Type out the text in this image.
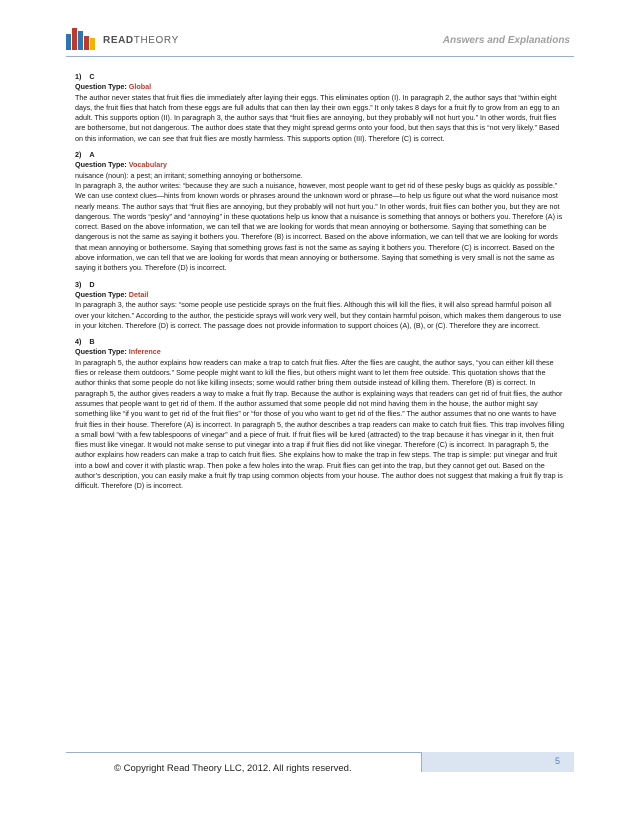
READTHEORY	Answers and Explanations
1) C
Question Type: Global

The author never states that fruit flies die immediately after laying their eggs. This eliminates option (I). In paragraph 2, the author says that “within eight days, the fruit flies that hatch from these eggs are full adults that can then lay their own eggs.” It only takes 8 days for a fruit fly to grow from an egg to an adult. This supports option (II). In paragraph 3, the author says that “fruit flies are annoying, but they probably will not hurt you.” In other words, fruit flies are bothersome, but not dangerous. The author does state that they might spread germs onto your food, but then says that this is “not very likely.” Based on this information, we can see that fruit flies are mostly harmless. This supports option (III). Therefore (C) is correct.

2) A
Question Type: Vocabulary

nuisance (noun): a pest; an irritant; something annoying or bothersome.

In paragraph 3, the author writes: “because they are such a nuisance, however, most people want to get rid of these pesky bugs as quickly as possible.” We can use context clues—hints from known words or phrases around the unknown word or phrase—to help us figure out what the word nuisance most nearly means. The author says that “fruit flies are annoying, but they probably will not hurt you.” In other words, fruit flies can bother you, but they are not dangerous. The words “pesky” and “annoying” in these quotations help us know that a nuisance is something that annoys or bothers you. Therefore (A) is correct. Based on the above information, we can tell that we are looking for words that mean annoying or bothersome. Saying that something can be dangerous is not the same as saying it bothers you. Therefore (B) is incorrect. Based on the above information, we can tell that we are looking for words that mean annoying or bothersome. Saying that something grows fast is not the same as saying it bothers you. Therefore (C) is incorrect. Based on the above information, we can tell that we are looking for words that mean annoying or bothersome. Saying that something is very small is not the same as saying it bothers you. Therefore (D) is incorrect.

3) D
Question Type: Detail

In paragraph 3, the author says: “some people use pesticide sprays on the fruit flies. Although this will kill the flies, it will also spread harmful poison all over your kitchen.” According to the author, the pesticide sprays will work very well, but they contain harmful poison, which makes them dangerous to use in your kitchen. Therefore (D) is correct. The passage does not provide information to support choices (A), (B), or (C). Therefore they are incorrect.

4) B
Question Type: Inference

In paragraph 5, the author explains how readers can make a trap to catch fruit flies. After the flies are caught, the author says, “you can either kill these flies or release them outdoors.” Some people might want to kill the flies, but others might want to let them free outside. This quotation shows that the author thinks that some people do not like killing insects; some would rather bring them outside instead of killing them. Therefore (B) is correct. In paragraph 5, the author gives readers a way to make a fruit fly trap. Because the author is explaining ways that readers can get rid of fruit flies, the author assumes that people want to get rid of them. If the author assumed that some people did not mind having them in the house, the author might say something like “if you want to get rid of the fruit flies” or “for those of you who want to get rid of the flies.” The author assumes that no one wants to have fruit flies in their house. Therefore (A) is incorrect. In paragraph 5, the author describes a trap readers can make to catch fruit flies. This trap involves filling a small bowl “with a few tablespoons of vinegar” and a piece of fruit. If fruit flies will be lured (attracted) to the trap because it has vinegar in it, then fruit flies must like vinegar. It would not make sense to put vinegar into a trap if fruit flies did not like vinegar. Therefore (C) is incorrect. In paragraph 5, the author explains how readers can make a trap to catch fruit flies. She explains how to make the trap in few steps. The trap is simple: put vinegar and fruit into a bowl and cover it with plastic wrap. Then poke a few holes into the wrap. Fruit flies can get into the trap, but they cannot get out. Based on the author’s description, you can easily make a fruit fly trap using common objects from your house. The author does not suggest that making a fruit fly trap is difficult. Therefore (D) is incorrect.

© Copyright Read Theory LLC, 2012. All rights reserved.
5
